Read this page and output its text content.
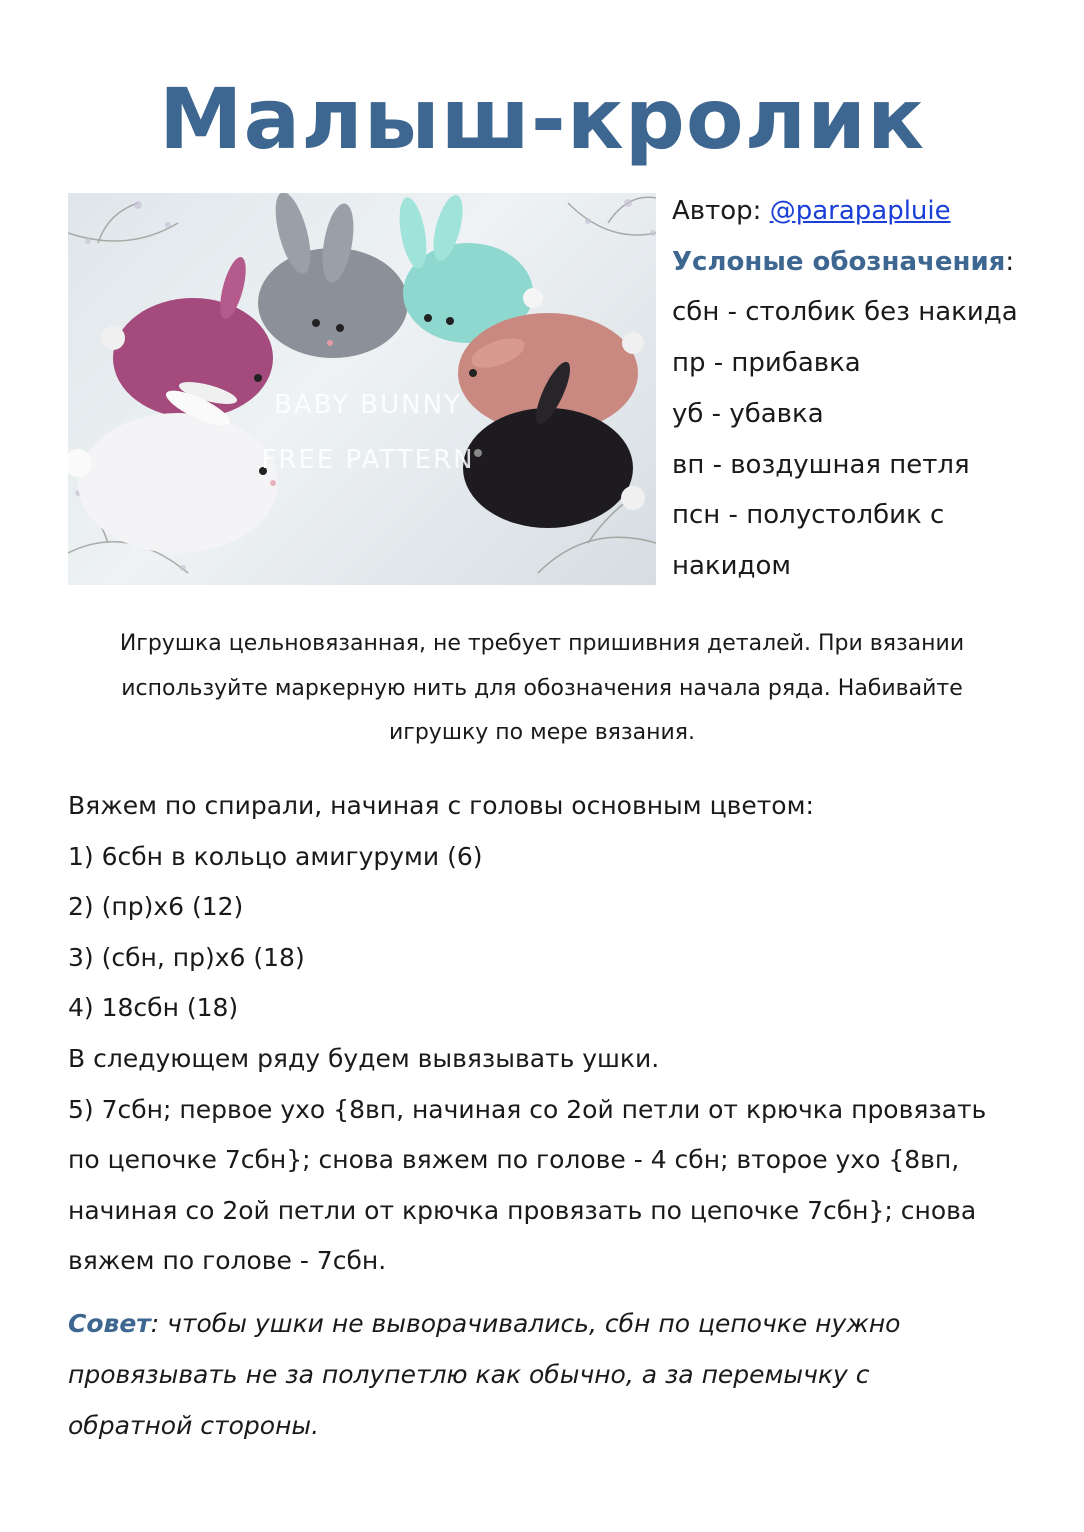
Малыш-кролик
BABY BUNNY
FREE PATTERN
Автор: @parapapluie
Услоные обозначения:
сбн - столбик без накида
пр - прибавка
уб - убавка
вп - воздушная петля
псн - полустолбик с
накидом
Игрушка цельновязанная, не требует пришивния деталей. При вязании
используйте маркерную нить для обозначения начала ряда. Набивайте
игрушку по мере вязания.
Вяжем по спирали, начиная с головы основным цветом:
1) 6сбн в кольцо амигуруми (6)
2) (пр)x6 (12)
3) (сбн, пр)x6 (18)
4) 18сбн (18)
В следующем ряду будем вывязывать ушки.
5) 7сбн; первое ухо {8вп, начиная со 2ой петли от крючка провязать
по цепочке 7сбн}; снова вяжем по голове - 4 сбн; второе ухо {8вп,
начиная со 2ой петли от крючка провязать по цепочке 7сбн}; снова
вяжем по голове - 7сбн.
Совет: чтобы ушки не выворачивались, сбн по цепочке нужно
провязывать не за полупетлю как обычно, а за перемычку с
обратной стороны.
